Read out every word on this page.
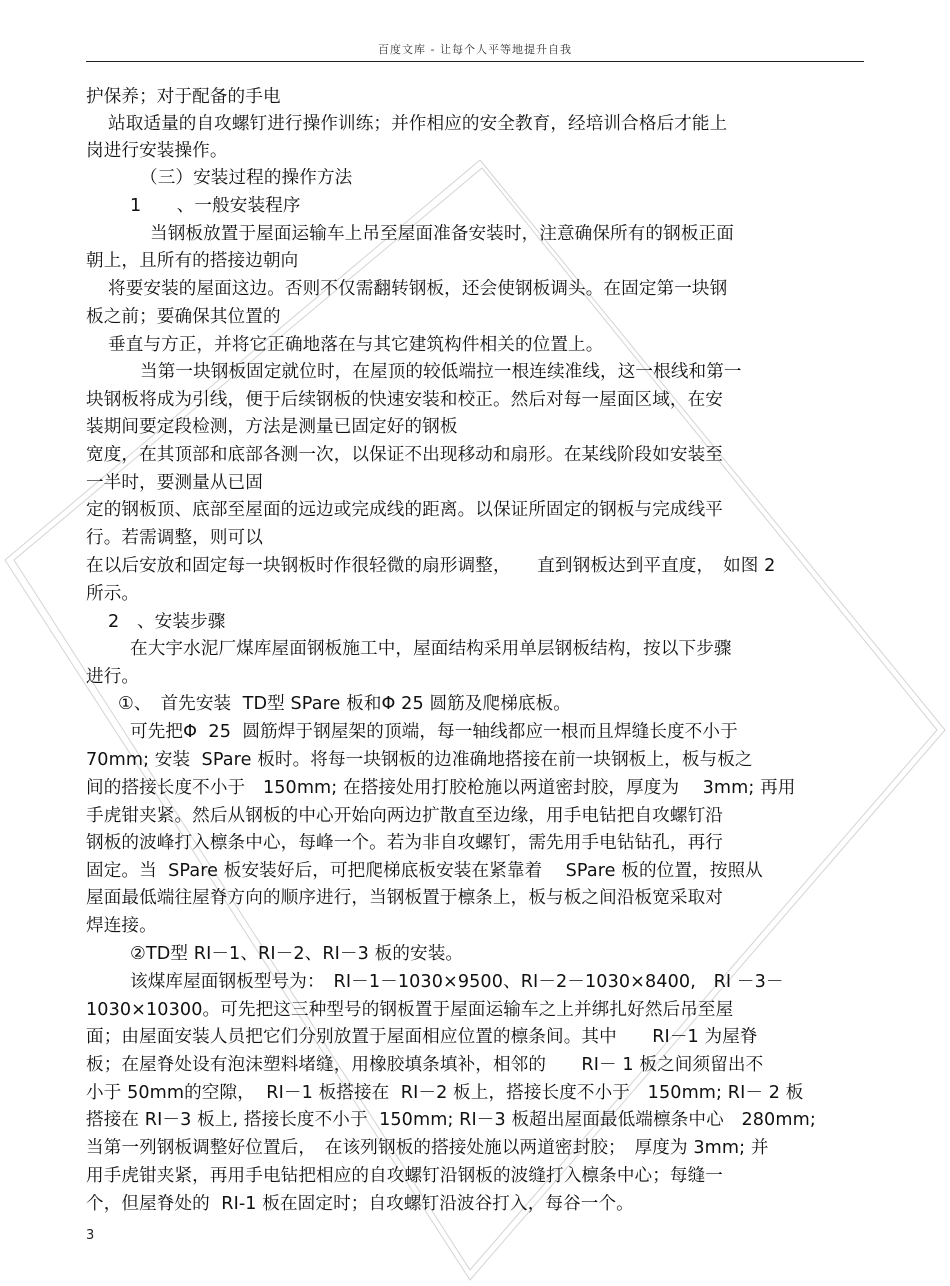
百度文库 - 让每个人平等地提升自我
护保养；对于配备的手电
站取适量的自攻螺钉进行操作训练；并作相应的安全教育，经培训合格后才能上
岗进行安装操作。
（三）安装过程的操作方法
1　　、一般安装程序
当钢板放置于屋面运输车上吊至屋面准备安装时，注意确保所有的钢板正面
朝上，且所有的搭接边朝向
将要安装的屋面这边。否则不仅需翻转钢板，还会使钢板调头。在固定第一块钢
板之前；要确保其位置的
垂直与方正，并将它正确地落在与其它建筑构件相关的位置上。
当第一块钢板固定就位时，在屋顶的较低端拉一根连续准线，这一根线和第一
块钢板将成为引线，便于后续钢板的快速安装和校正。然后对每一屋面区域，在安
装期间要定段检测，方法是测量已固定好的钢板
宽度，在其顶部和底部各测一次，以保证不出现移动和扇形。在某线阶段如安装至
一半时，要测量从已固
定的钢板顶、底部至屋面的远边或完成线的距离。以保证所固定的钢板与完成线平
行。若需调整，则可以
在以后安放和固定每一块钢板时作很轻微的扇形调整，　　直到钢板达到平直度，　如图 2
所示。
2　、安装步骤
在大宇水泥厂煤库屋面钢板施工中，屋面结构采用单层钢板结构，按以下步骤
进行。
①、　首先安装  TD型 SPare 板和Φ 25 圆筋及爬梯底板。
可先把Φ  25  圆筋焊于钢屋架的顶端，每一轴线都应一根而且焊缝长度不小于
70mm; 安装  SPare 板时。将每一块钢板的边准确地搭接在前一块钢板上，板与板之
间的搭接长度不小于　150mm; 在搭接处用打胶枪施以两道密封胶，厚度为　 3mm; 再用
手虎钳夹紧。然后从钢板的中心开始向两边扩散直至边缘，用手电钻把自攻螺钉沿
钢板的波峰打入檩条中心，每峰一个。若为非自攻螺钉，需先用手电钻钻孔，再行
固定。当  SPare 板安装好后，可把爬梯底板安装在紧靠着　 SPare 板的位置，按照从
屋面最低端往屋脊方向的顺序进行，当钢板置于檩条上，板与板之间沿板宽采取对
焊连接。
②TD型 RI－1、RI－2、RI－3 板的安装。
该煤库屋面钢板型号为：　RI－1－1030×9500、RI－2－1030×8400,　RI －3－
1030×10300。可先把这三种型号的钢板置于屋面运输车之上并绑扎好然后吊至屋
面；由屋面安装人员把它们分别放置于屋面相应位置的檩条间。其中　　RI－1 为屋脊
板；在屋脊处设有泡沫塑料堵缝，用橡胶填条填补，相邻的　　RI－ 1 板之间须留出不
小于 50mm的空隙，  RI－1 板搭接在  RI－2 板上，搭接长度不小于　150mm; RI－ 2 板
搭接在 RI－3 板上, 搭接长度不小于  150mm; RI－3 板超出屋面最低端檩条中心　280mm;
当第一列钢板调整好位置后，　在该列钢板的搭接处施以两道密封胶；　厚度为 3mm; 并
用手虎钳夹紧，再用手电钻把相应的自攻螺钉沿钢板的波缝打入檩条中心；每缝一
个，但屋脊处的  RI-1 板在固定时；自攻螺钉沿波谷打入，每谷一个。
3
